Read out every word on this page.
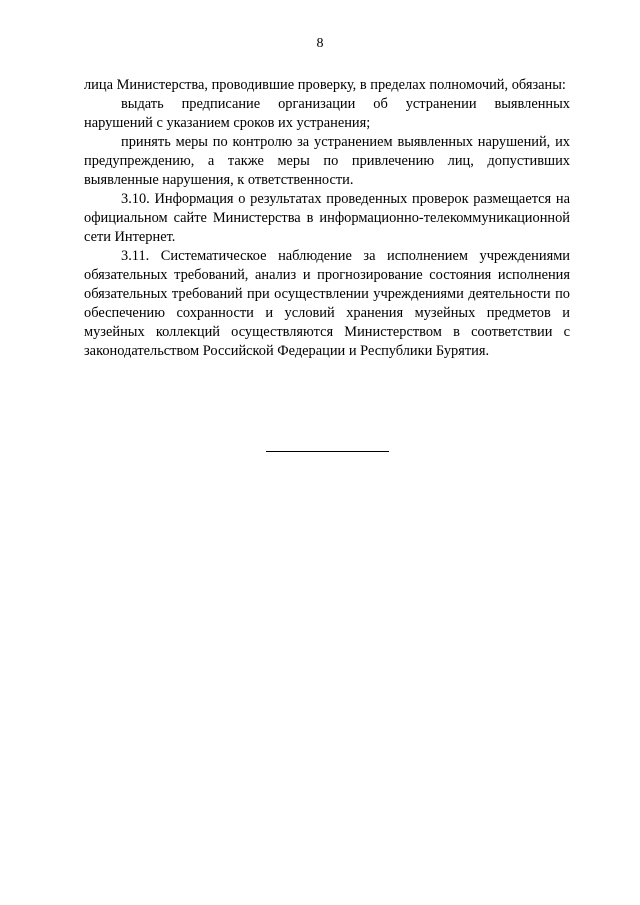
8

лица Министерства, проводившие проверку, в пределах полномочий, обязаны:

выдать предписание организации об устранении выявленных нарушений с указанием сроков их устранения;

принять меры по контролю за устранением выявленных нарушений, их предупреждению, а также меры по привлечению лиц, допустивших выявленные нарушения, к ответственности.

3.10. Информация о результатах проведенных проверок размещается на официальном сайте Министерства в информационно-телекоммуникационной сети Интернет.

3.11. Систематическое наблюдение за исполнением учреждениями обязательных требований, анализ и прогнозирование состояния исполнения обязательных требований при осуществлении учреждениями деятельности по обеспечению сохранности и условий хранения музейных предметов и музейных коллекций осуществляются Министерством в соответствии с законодательством Российской Федерации и Республики Бурятия.
